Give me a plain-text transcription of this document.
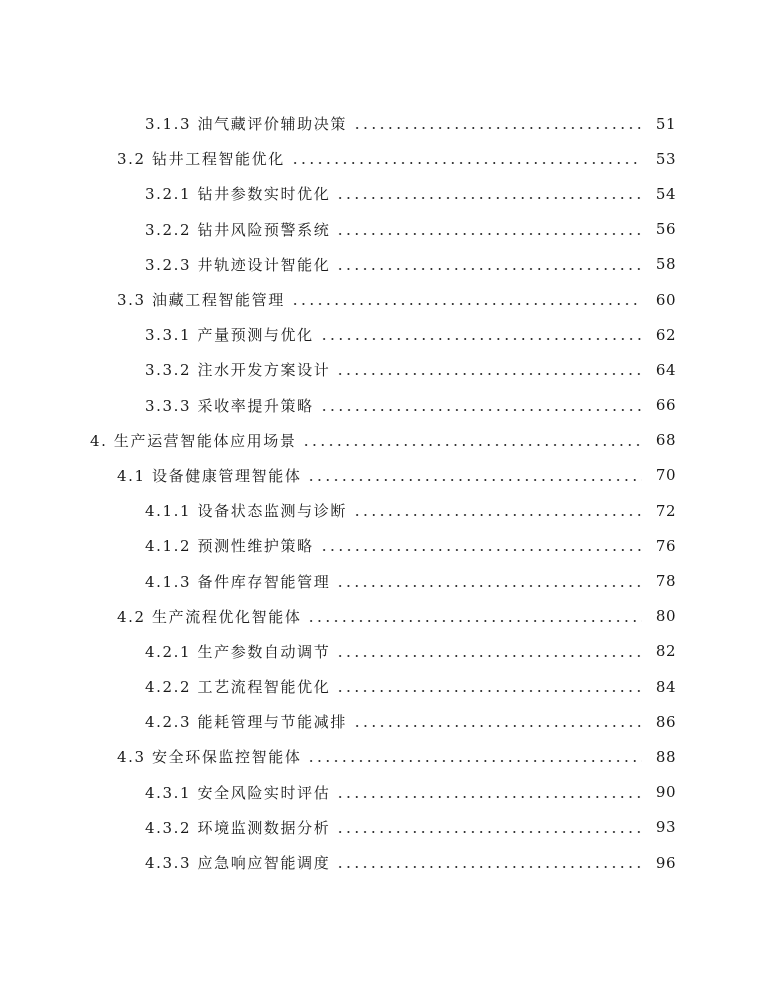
3.1.3 油气藏评价辅助决策	51
3.2 钻井工程智能优化	53
3.2.1 钻井参数实时优化	54
3.2.2 钻井风险预警系统	56
3.2.3 井轨迹设计智能化	58
3.3 油藏工程智能管理	60
3.3.1 产量预测与优化	62
3.3.2 注水开发方案设计	64
3.3.3 采收率提升策略	66
4. 生产运营智能体应用场景	68
4.1 设备健康管理智能体	70
4.1.1 设备状态监测与诊断	72
4.1.2 预测性维护策略	76
4.1.3 备件库存智能管理	78
4.2 生产流程优化智能体	80
4.2.1 生产参数自动调节	82
4.2.2 工艺流程智能优化	84
4.2.3 能耗管理与节能减排	86
4.3 安全环保监控智能体	88
4.3.1 安全风险实时评估	90
4.3.2 环境监测数据分析	93
4.3.3 应急响应智能调度	96
